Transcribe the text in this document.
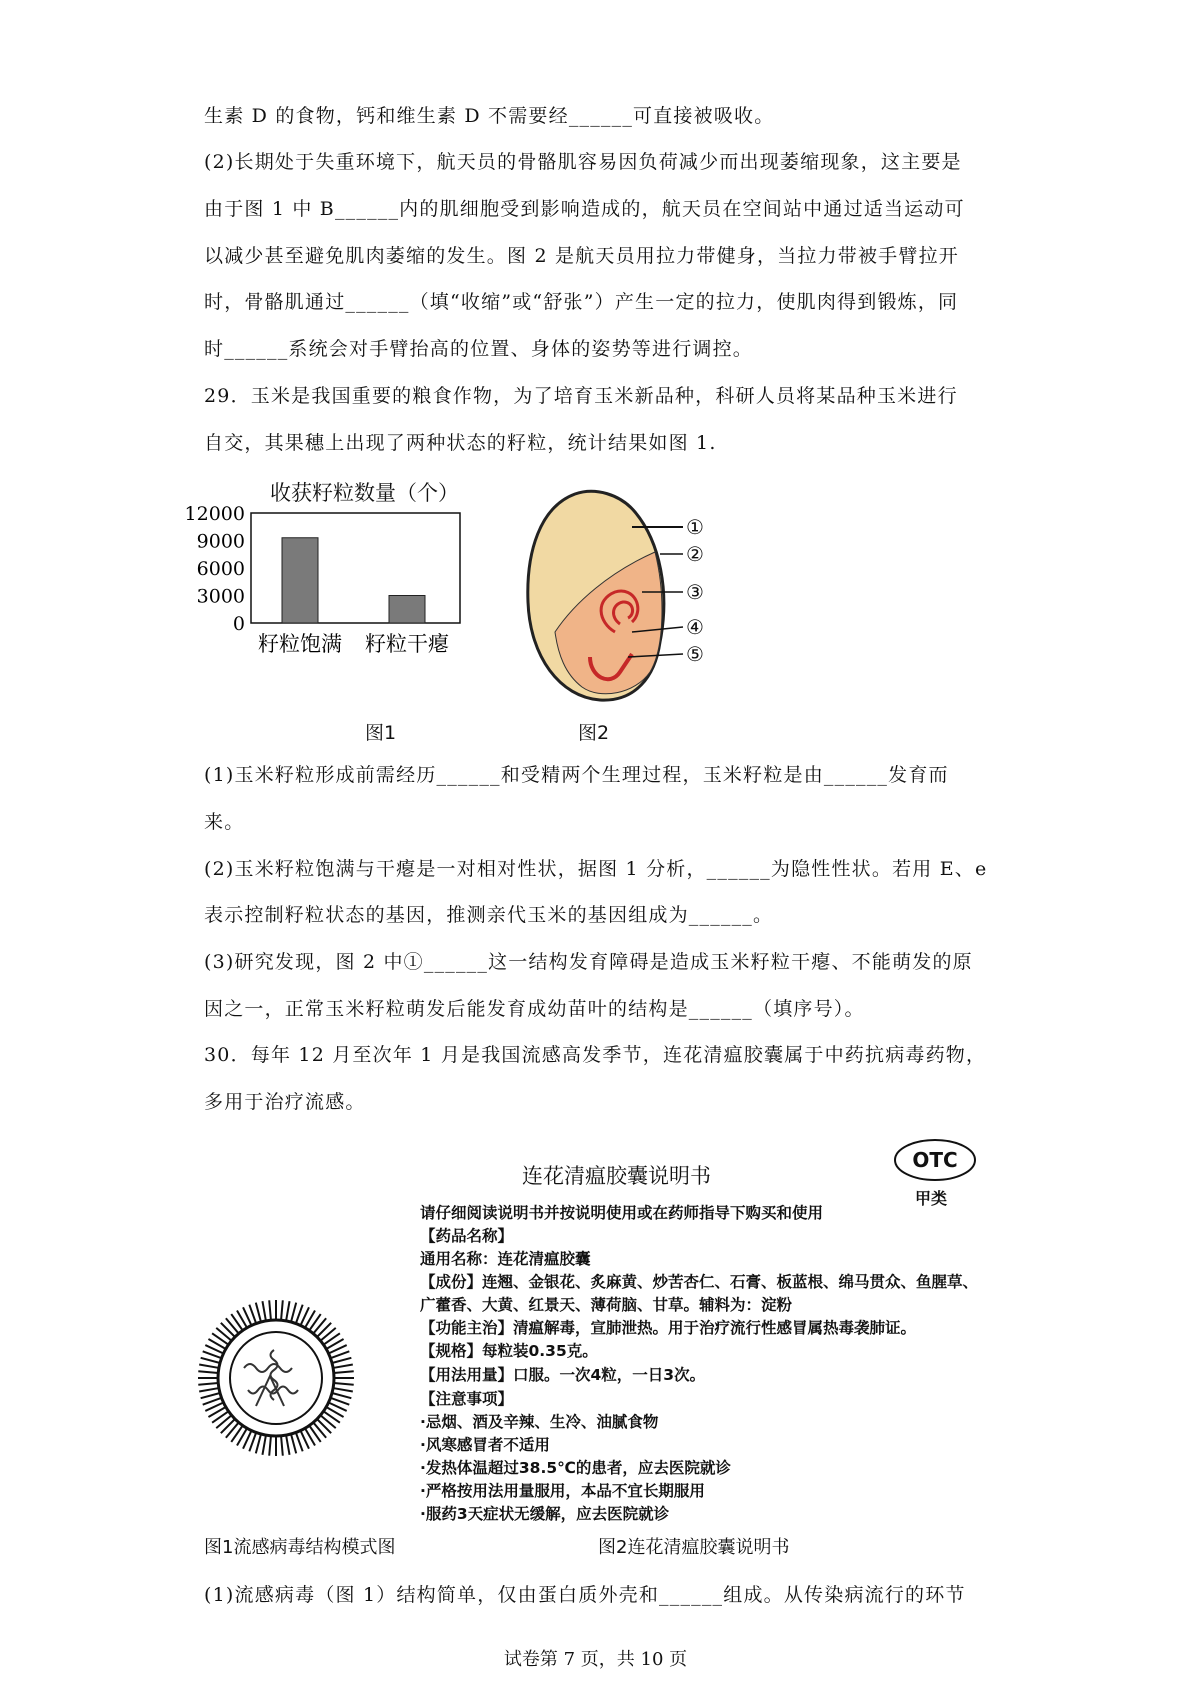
生素 D 的食物，钙和维生素 D 不需要经______可直接被吸收。
(2)长期处于失重环境下，航天员的骨骼肌容易因负荷减少而出现萎缩现象，这主要是
由于图 1 中 B______内的肌细胞受到影响造成的，航天员在空间站中通过适当运动可
以减少甚至避免肌肉萎缩的发生。图 2 是航天员用拉力带健身，当拉力带被手臂拉开
时，骨骼肌通过______（填“收缩”或“舒张”）产生一定的拉力，使肌肉得到锻炼，同
时______系统会对手臂抬高的位置、身体的姿势等进行调控。
29．玉米是我国重要的粮食作物，为了培育玉米新品种，科研人员将某品种玉米进行
自交，其果穗上出现了两种状态的籽粒，统计结果如图 1.
收获籽粒数量（个）
12000
9000
6000
3000
0
籽粒饱满 籽粒干瘪
图1
①
②
③
④
⑤
图2
(1)玉米籽粒形成前需经历______和受精两个生理过程，玉米籽粒是由______发育而
来。
(2)玉米籽粒饱满与干瘪是一对相对性状，据图 1 分析，______为隐性性状。若用 E、e
表示控制籽粒状态的基因，推测亲代玉米的基因组成为______。
(3)研究发现，图 2 中①______这一结构发育障碍是造成玉米籽粒干瘪、不能萌发的原
因之一，正常玉米籽粒萌发后能发育成幼苗叶的结构是______（填序号）。
30．每年 12 月至次年 1 月是我国流感高发季节，连花清瘟胶囊属于中药抗病毒药物，
多用于治疗流感。
连花清瘟胶囊说明书
OTC
甲类
请仔细阅读说明书并按说明使用或在药师指导下购买和使用
【药品名称】
通用名称：连花清瘟胶囊
【成份】连翘、金银花、炙麻黄、炒苦杏仁、石膏、板蓝根、绵马贯众、鱼腥草、
广藿香、大黄、红景天、薄荷脑、甘草。辅料为：淀粉
【功能主治】清瘟解毒，宣肺泄热。用于治疗流行性感冒属热毒袭肺证。
【规格】每粒装0.35克。
【用法用量】口服。一次4粒，一日3次。
【注意事项】
·忌烟、酒及辛辣、生冷、油腻食物
·风寒感冒者不适用
·发热体温超过38.5℃的患者，应去医院就诊
·严格按用法用量服用，本品不宜长期服用
·服药3天症状无缓解，应去医院就诊
图1流感病毒结构模式图	图2连花清瘟胶囊说明书
(1)流感病毒（图 1）结构简单，仅由蛋白质外壳和______组成。从传染病流行的环节
试卷第 7 页，共 10 页
